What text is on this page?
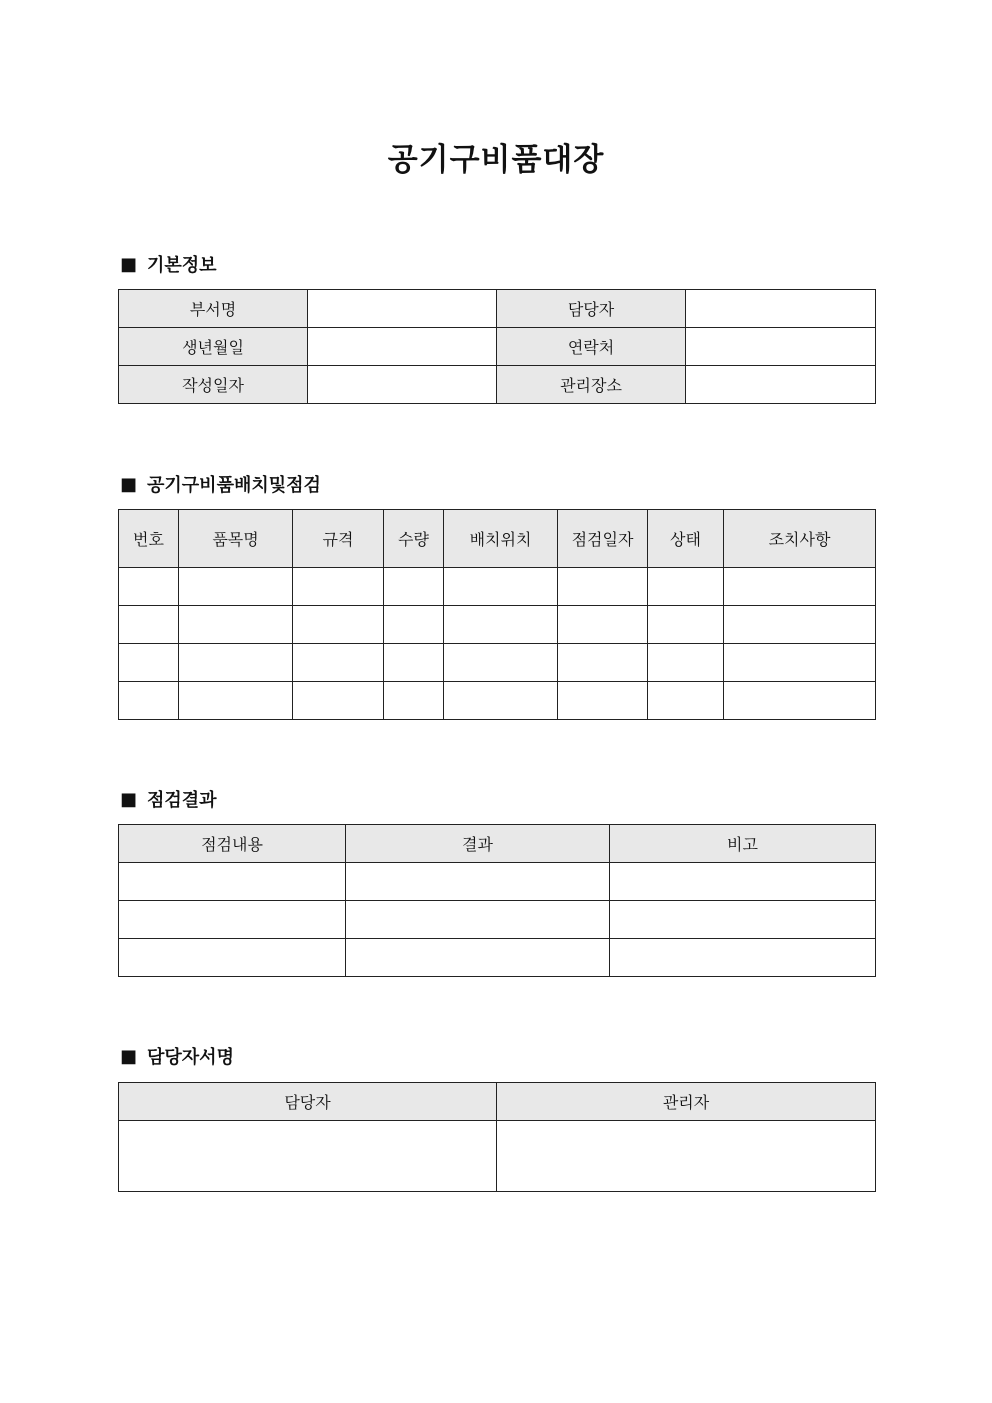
공기구비품대장
■ 기본정보
부서명		담당자	
생년월일		연락처	
작성일자		관리장소	
■ 공기구비품배치및점검
번호	품목명	규격	수량	배치위치	점검일자	상태	조치사항

■ 점검결과
점검내용	결과	비고

■ 담당자서명
담당자	관리자
